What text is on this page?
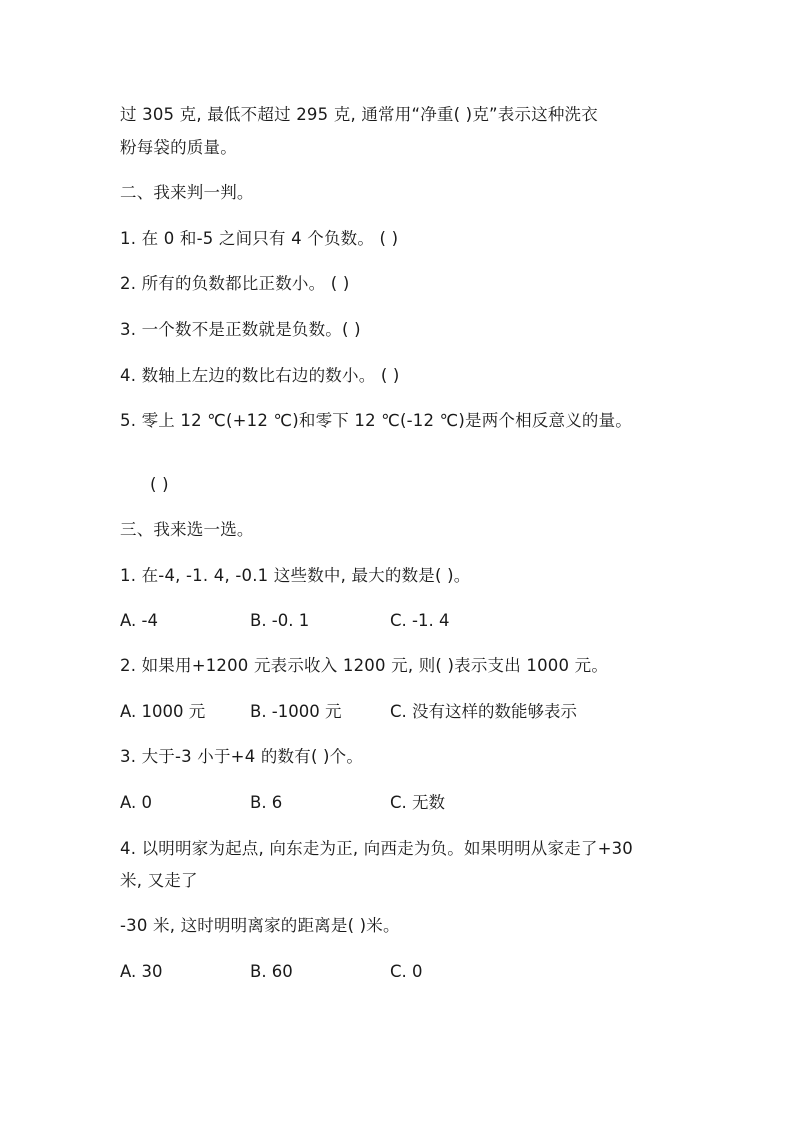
过 305 克, 最低不超过 295 克, 通常用“净重( )克”表示这种洗衣
粉每袋的质量。
二、我来判一判。
1. 在 0 和-5 之间只有 4 个负数。 ( )
2. 所有的负数都比正数小。 ( )
3. 一个数不是正数就是负数。( )
4. 数轴上左边的数比右边的数小。 ( )
5. 零上 12 ℃(+12 ℃)和零下 12 ℃(-12 ℃)是两个相反意义的量。
( )
三、我来选一选。
1. 在-4, -1. 4, -0.1 这些数中, 最大的数是( )。
A. -4	B. -0. 1	C. -1. 4
2. 如果用+1200 元表示收入 1200 元, 则( )表示支出 1000 元。
A. 1000 元	B. -1000 元	C. 没有这样的数能够表示
3. 大于-3 小于+4 的数有( )个。
A. 0	B. 6	C. 无数
4. 以明明家为起点, 向东走为正, 向西走为负。如果明明从家走了+30
米, 又走了
-30 米, 这时明明离家的距离是( )米。
A. 30	B. 60	C. 0
